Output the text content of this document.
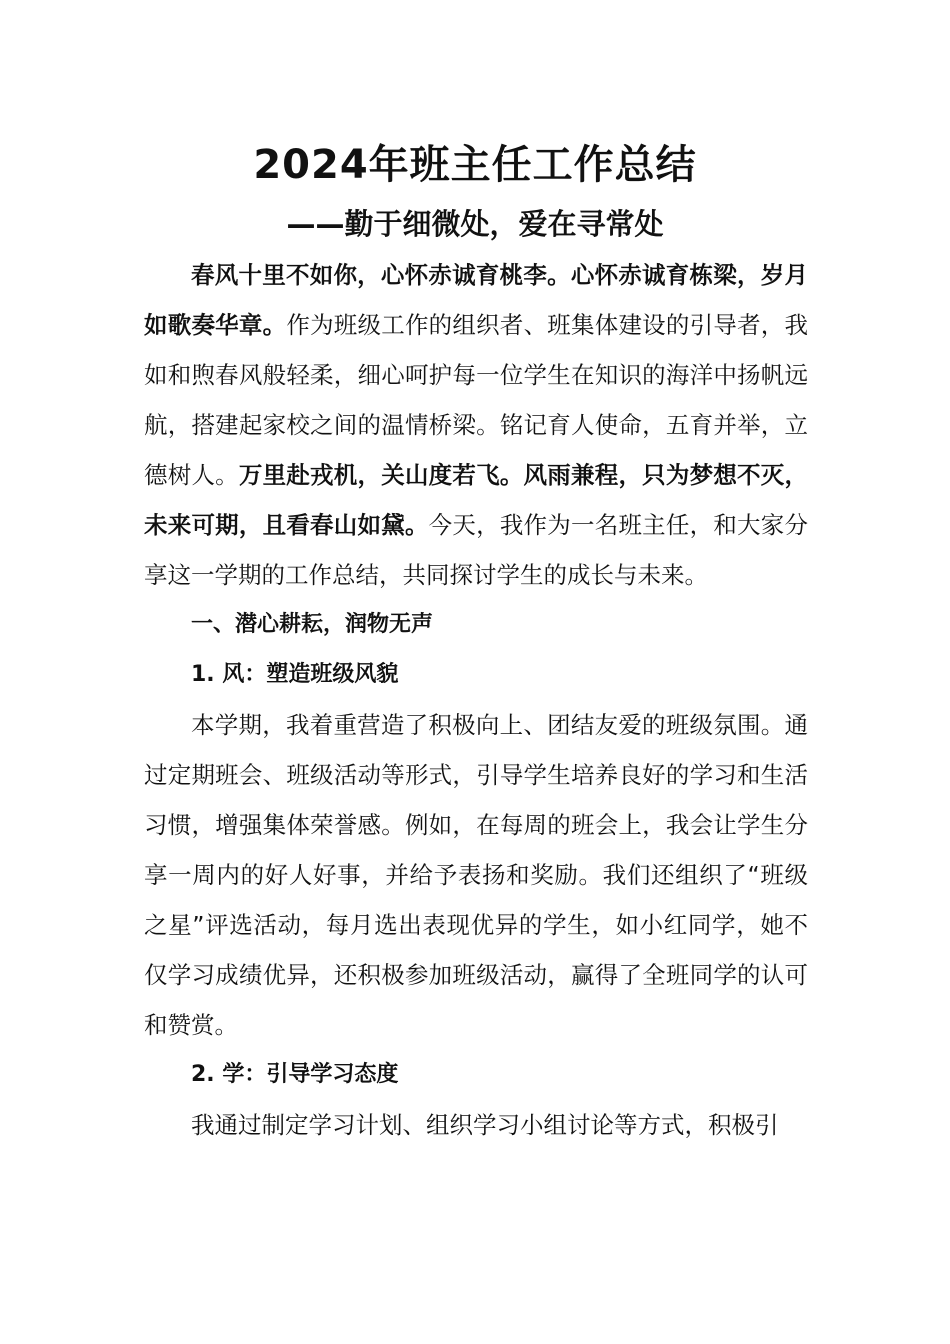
2024年班主任工作总结
——勤于细微处，爱在寻常处

春风十里不如你，心怀赤诚育桃李。心怀赤诚育栋梁，岁月如歌奏华章。作为班级工作的组织者、班集体建设的引导者，我如和煦春风般轻柔，细心呵护每一位学生在知识的海洋中扬帆远航，搭建起家校之间的温情桥梁。铭记育人使命，五育并举，立德树人。万里赴戎机，关山度若飞。风雨兼程，只为梦想不灭，未来可期，且看春山如黛。今天，我作为一名班主任，和大家分享这一学期的工作总结，共同探讨学生的成长与未来。

一、潜心耕耘，润物无声

1. 风：塑造班级风貌

本学期，我着重营造了积极向上、团结友爱的班级氛围。通过定期班会、班级活动等形式，引导学生培养良好的学习和生活习惯，增强集体荣誉感。例如，在每周的班会上，我会让学生分享一周内的好人好事，并给予表扬和奖励。我们还组织了“班级之星”评选活动，每月选出表现优异的学生，如小红同学，她不仅学习成绩优异，还积极参加班级活动，赢得了全班同学的认可和赞赏。

2. 学：引导学习态度

我通过制定学习计划、组织学习小组讨论等方式，积极引
